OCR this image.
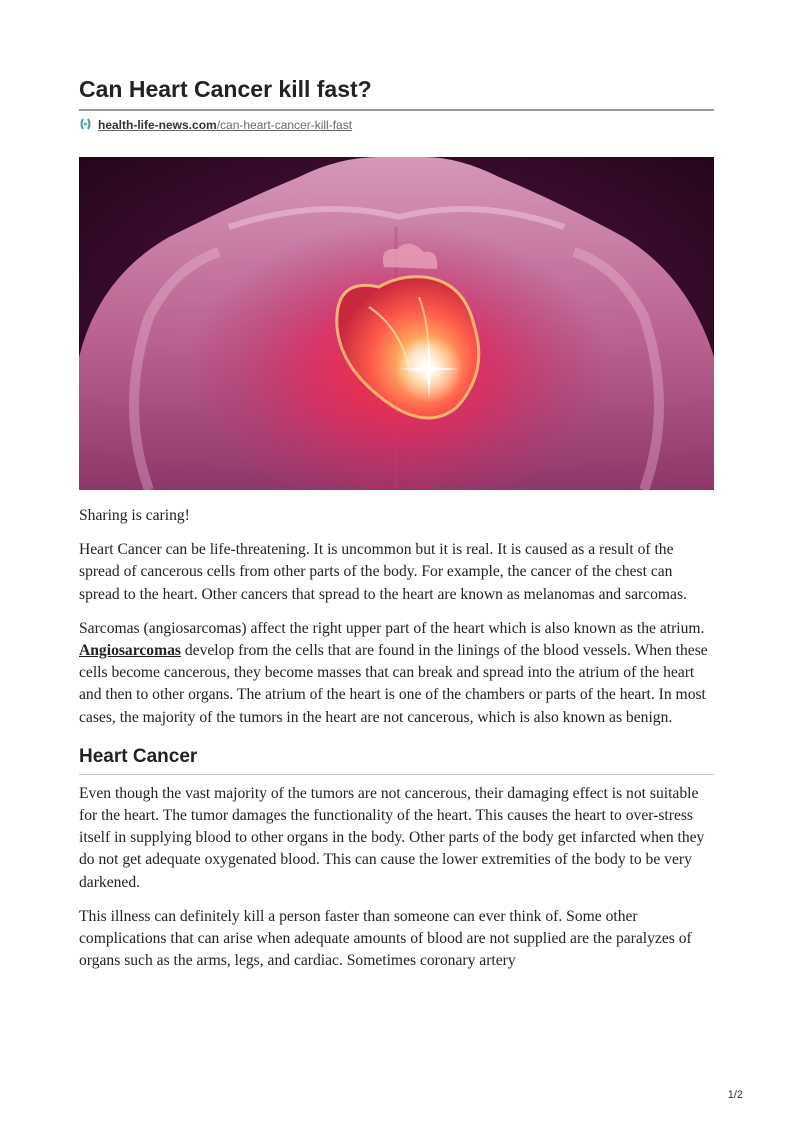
Can Heart Cancer kill fast?
health-life-news.com/can-heart-cancer-kill-fast

Sharing is caring!

Heart Cancer can be life-threatening. It is uncommon but it is real. It is caused as a result of the spread of cancerous cells from other parts of the body. For example, the cancer of the chest can spread to the heart. Other cancers that spread to the heart are known as melanomas and sarcomas.

Sarcomas (angiosarcomas) affect the right upper part of the heart which is also known as the atrium. Angiosarcomas develop from the cells that are found in the linings of the blood vessels. When these cells become cancerous, they become masses that can break and spread into the atrium of the heart and then to other organs. The atrium of the heart is one of the chambers or parts of the heart. In most cases, the majority of the tumors in the heart are not cancerous, which is also known as benign.

Heart Cancer

Even though the vast majority of the tumors are not cancerous, their damaging effect is not suitable for the heart. The tumor damages the functionality of the heart. This causes the heart to over-stress itself in supplying blood to other organs in the body. Other parts of the body get infarcted when they do not get adequate oxygenated blood. This can cause the lower extremities of the body to be very darkened.

This illness can definitely kill a person faster than someone can ever think of. Some other complications that can arise when adequate amounts of blood are not supplied are the paralyzes of organs such as the arms, legs, and cardiac. Sometimes coronary artery

1/2
